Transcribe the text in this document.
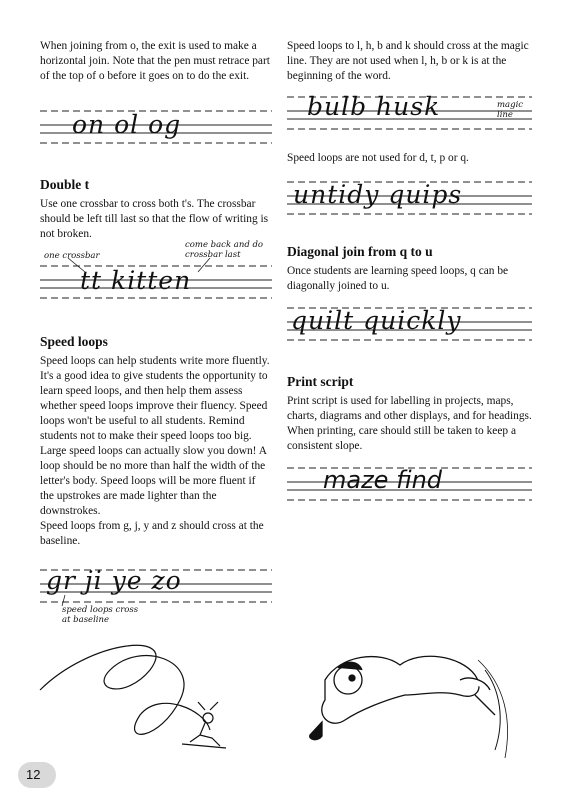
When joining from o, the exit is used to make a horizontal join. Note that the pen must retrace part of the top of o before it goes on to do the exit.

on ol og
Double t

Use one crossbar to cross both t's. The crossbar should be left till last so that the flow of writing is not broken.

one crossbar
come back and do crossbar last
tt kitten
Speed loops

Speed loops can help students write more fluently. It's a good idea to give students the opportunity to learn speed loops, and then help them assess whether speed loops improve their fluency. Speed loops won't be useful to all students. Remind students not to make their speed loops too big. Large speed loops can actually slow you down! A loop should be no more than half the width of the letter's body. Speed loops will be more fluent if the upstrokes are made lighter than the downstrokes.

Speed loops from g, j, y and z should cross at the baseline.

gr ji ye zo
speed loops cross at baseline

Speed loops to l, h, b and k should cross at the magic line. They are not used when l, h, b or k is at the beginning of the word.

bulb husk	magic line

Speed loops are not used for d, t, p or q.

untidy quips
Diagonal join from q to u

Once students are learning speed loops, q can be diagonally joined to u.

quilt quickly
Print script

Print script is used for labelling in projects, maps, charts, diagrams and other displays, and for headings. When printing, care should still be taken to keep a consistent slope.

maze find
12
